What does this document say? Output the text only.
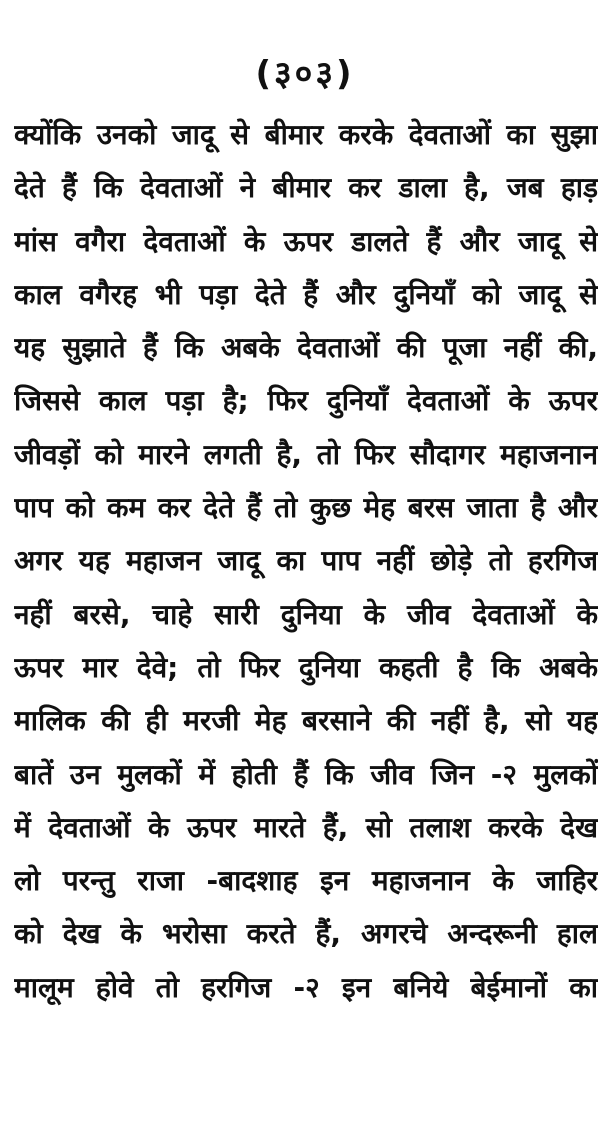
(३०३)
क्योंकि उनको जादू से बीमार करके देवताओं का सुझा
देते हैं कि देवताओं ने बीमार कर डाला है, जब हाड़
मांस वगैरा देवताओं के ऊपर डालते हैं और जादू से
काल वगैरह भी पड़ा देते हैं और दुनियाँ को जादू से
यह सुझाते हैं कि अबके देवताओं की पूजा नहीं की,
जिससे काल पड़ा है; फिर दुनियाँ देवताओं के ऊपर
जीवड़ों को मारने लगती है, तो फिर सौदागर महाजनान
पाप को कम कर देते हैं तो कुछ मेह बरस जाता है और
अगर यह महाजन जादू का पाप नहीं छोड़े तो हरगिज
नहीं बरसे, चाहे सारी दुनिया के जीव देवताओं के
ऊपर मार देवे; तो फिर दुनिया कहती है कि अबके
मालिक की ही मरजी मेह बरसाने की नहीं है, सो यह
बातें उन मुलकों में होती हैं कि जीव जिन -२ मुलकों
में देवताओं के ऊपर मारते हैं, सो तलाश करके देख
लो परन्तु राजा -बादशाह इन महाजनान के जाहिर
को देख के भरोसा करते हैं, अगरचे अन्दरूनी हाल
मालूम होवे तो हरगिज -२ इन बनिये बेईमानों का
